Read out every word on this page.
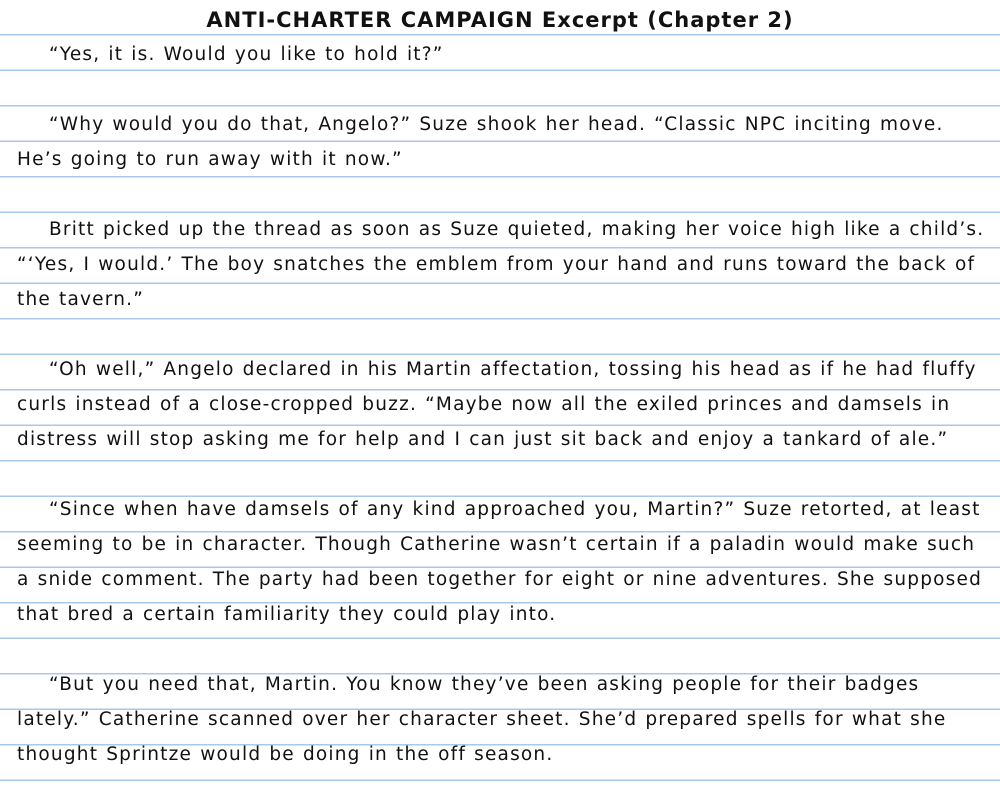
ANTI-CHARTER CAMPAIGN Excerpt (Chapter 2)

“Yes, it is. Would you like to hold it?”

“Why would you do that, Angelo?” Suze shook her head. “Classic NPC inciting move. He’s going to run away with it now.”

Britt picked up the thread as soon as Suze quieted, making her voice high like a child’s. “‘Yes, I would.’ The boy snatches the emblem from your hand and runs toward the back of the tavern.”

“Oh well,” Angelo declared in his Martin affectation, tossing his head as if he had fluffy curls instead of a close-cropped buzz. “Maybe now all the exiled princes and damsels in distress will stop asking me for help and I can just sit back and enjoy a tankard of ale.”

“Since when have damsels of any kind approached you, Martin?” Suze retorted, at least seeming to be in character. Though Catherine wasn’t certain if a paladin would make such a snide comment. The party had been together for eight or nine adventures. She supposed that bred a certain familiarity they could play into.

“But you need that, Martin. You know they’ve been asking people for their badges lately.” Catherine scanned over her character sheet. She’d prepared spells for what she thought Sprintze would be doing in the off season.
